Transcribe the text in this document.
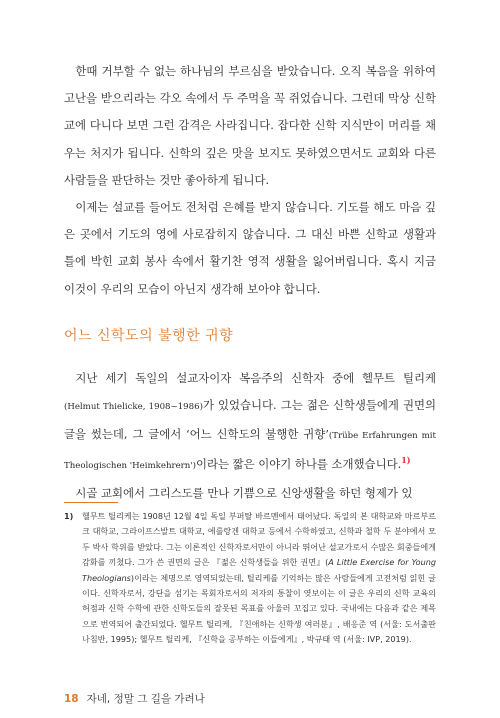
한때 거부할 수 없는 하나님의 부르심을 받았습니다. 오직 복음을 위하여 고난을 받으리라는 각오 속에서 두 주먹을 꼭 쥐었습니다. 그런데 막상 신학교에 다니다 보면 그런 감격은 사라집니다. 잡다한 신학 지식만이 머리를 채우는 처지가 됩니다. 신학의 깊은 맛을 보지도 못하였으면서도 교회와 다른 사람들을 판단하는 것만 좋아하게 됩니다.

이제는 설교를 들어도 전처럼 은혜를 받지 않습니다. 기도를 해도 마음 깊은 곳에서 기도의 영에 사로잡히지 않습니다. 그 대신 바쁜 신학교 생활과 틀에 박힌 교회 봉사 속에서 활기찬 영적 생활을 잃어버립니다. 혹시 지금 이것이 우리의 모습이 아닌지 생각해 보아야 합니다.

어느 신학도의 불행한 귀향

지난 세기 독일의 설교자이자 복음주의 신학자 중에 헬무트 틸리케(Helmut Thielicke, 1908~1986)가 있었습니다. 그는 젊은 신학생들에게 권면의 글을 썼는데, 그 글에서 ‘어느 신학도의 불행한 귀향’(Trübe Erfahrungen mit Theologischen 'Heimkehrern')이라는 짧은 이야기 하나를 소개했습니다.$^{1)}$

시골 교회에서 그리스도를 만나 기쁨으로 신앙생활을 하던 형제가 있

1) 헬무트 틸리케는 1908년 12월 4일 독일 부퍼탈 바르멘에서 태어났다. 독일의 본 대학교와 마르부르크 대학교, 그라이프스발트 대학교, 에를랑겐 대학교 등에서 수학하였고, 신학과 철학 두 분야에서 모두 박사 학위를 받았다. 그는 이론적인 신학자로서만이 아니라 뛰어난 설교가로서 수많은 회중들에게 감화를 끼쳤다. 그가 쓴 권면의 글은 『젊은 신학생들을 위한 권면』(A Little Exercise for Young Theologians)이라는 제명으로 영역되었는데, 틸리케를 기억하는 많은 사람들에게 고전처럼 읽힌 글이다. 신학자로서, 강단을 섬기는 목회자로서의 저자의 통찰이 엿보이는 이 글은 우리의 신학 교육의 허점과 신학 수학에 관한 신학도들의 잘못된 목표를 아울러 꼬집고 있다. 국내에는 다음과 같은 제목으로 번역되어 출간되었다. 헬무트 틸리케, 『친애하는 신학생 여러분』, 배응준 역 (서울: 도서출판 나침반, 1995); 헬무트 틸리케, 『신학을 공부하는 이들에게』, 박규태 역 (서울: IVP, 2019).
18 자네, 정말 그 길을 가려나
